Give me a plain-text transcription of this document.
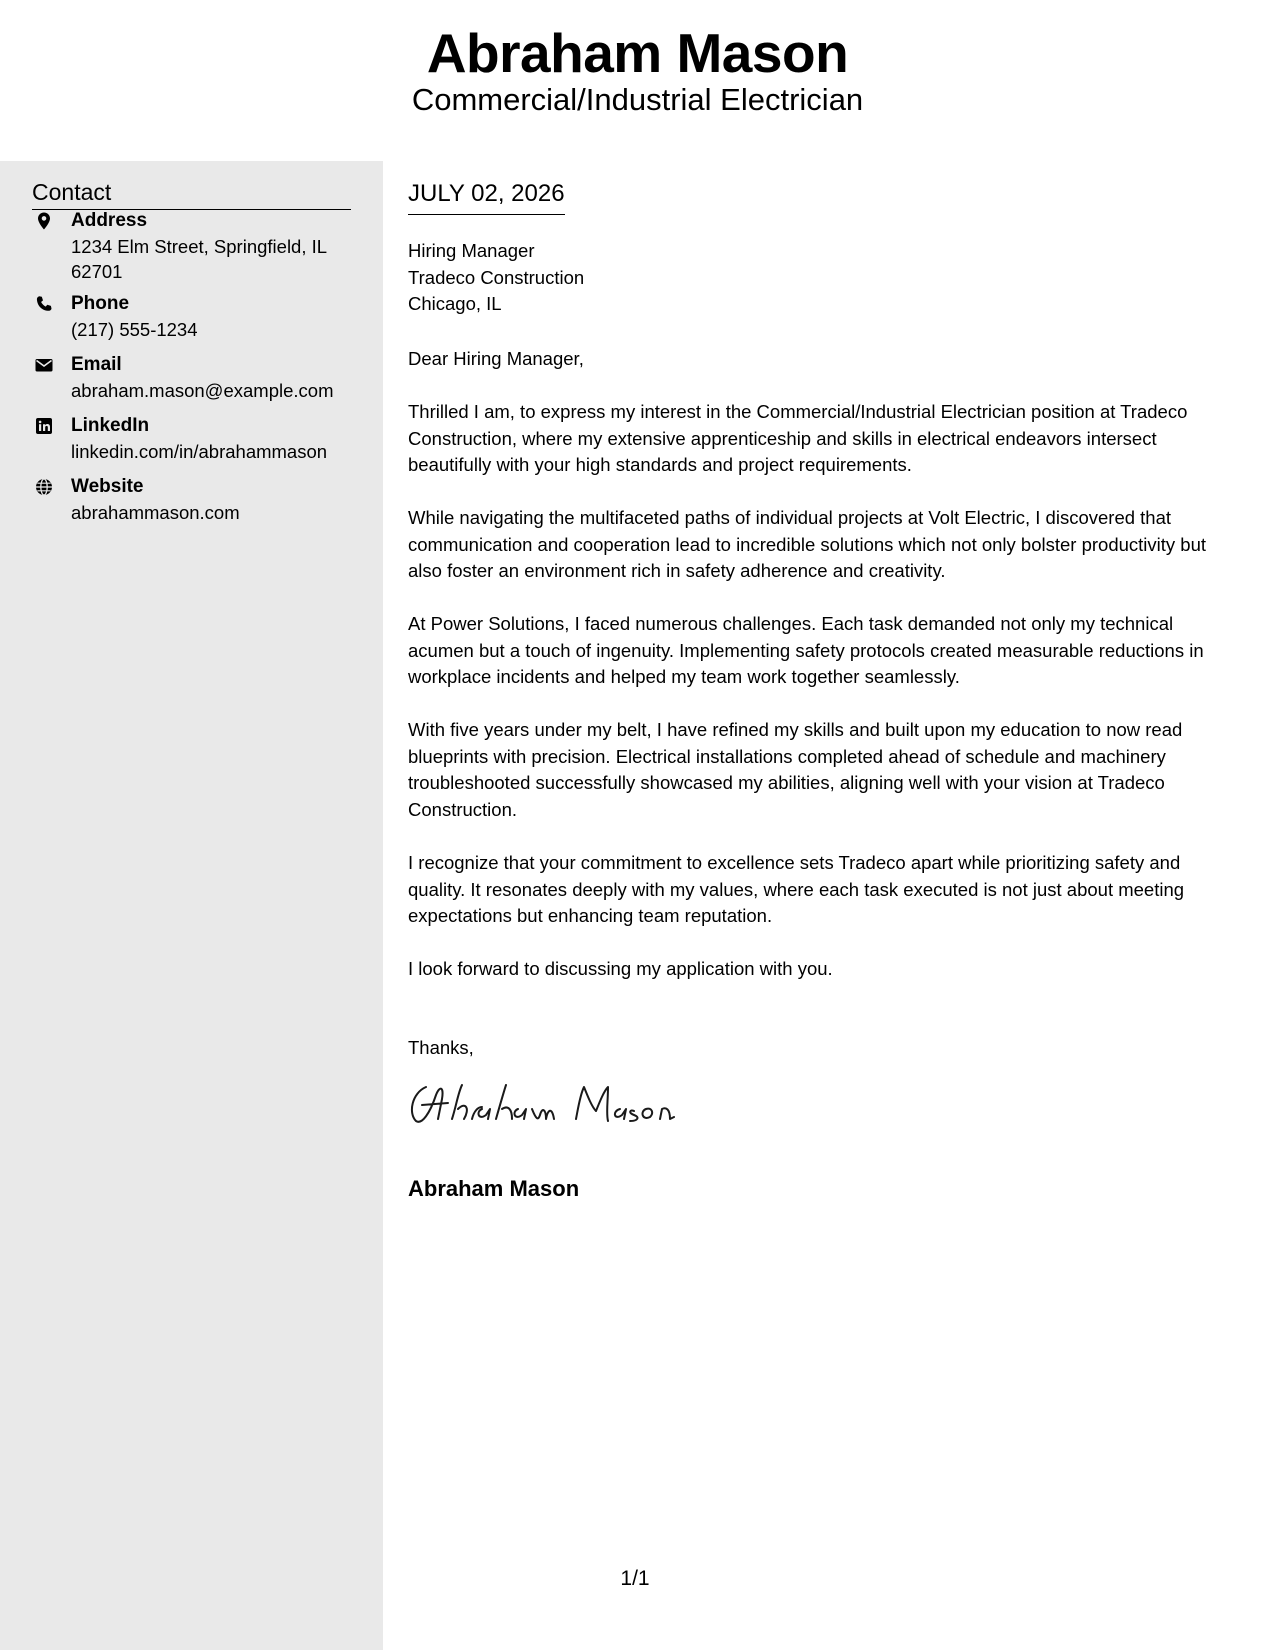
Abraham Mason
Commercial/Industrial Electrician
Contact
Address
1234 Elm Street, Springfield, IL 62701
Phone
(217) 555-1234
Email
abraham.mason@example.com
LinkedIn
linkedin.com/in/abrahammason
Website
abrahammason.com
JULY 02, 2026
Hiring Manager
Tradeco Construction
Chicago, IL

Dear Hiring Manager,

Thrilled I am, to express my interest in the Commercial/Industrial Electrician position at Tradeco Construction, where my extensive apprenticeship and skills in electrical endeavors intersect beautifully with your high standards and project requirements.

While navigating the multifaceted paths of individual projects at Volt Electric, I discovered that communication and cooperation lead to incredible solutions which not only bolster productivity but also foster an environment rich in safety adherence and creativity.

At Power Solutions, I faced numerous challenges. Each task demanded not only my technical acumen but a touch of ingenuity. Implementing safety protocols created measurable reductions in workplace incidents and helped my team work together seamlessly.

With five years under my belt, I have refined my skills and built upon my education to now read blueprints with precision. Electrical installations completed ahead of schedule and machinery troubleshooted successfully showcased my abilities, aligning well with your vision at Tradeco Construction.

I recognize that your commitment to excellence sets Tradeco apart while prioritizing safety and quality. It resonates deeply with my values, where each task executed is not just about meeting expectations but enhancing team reputation.

I look forward to discussing my application with you.

Thanks,

Abraham Mason
1/1
